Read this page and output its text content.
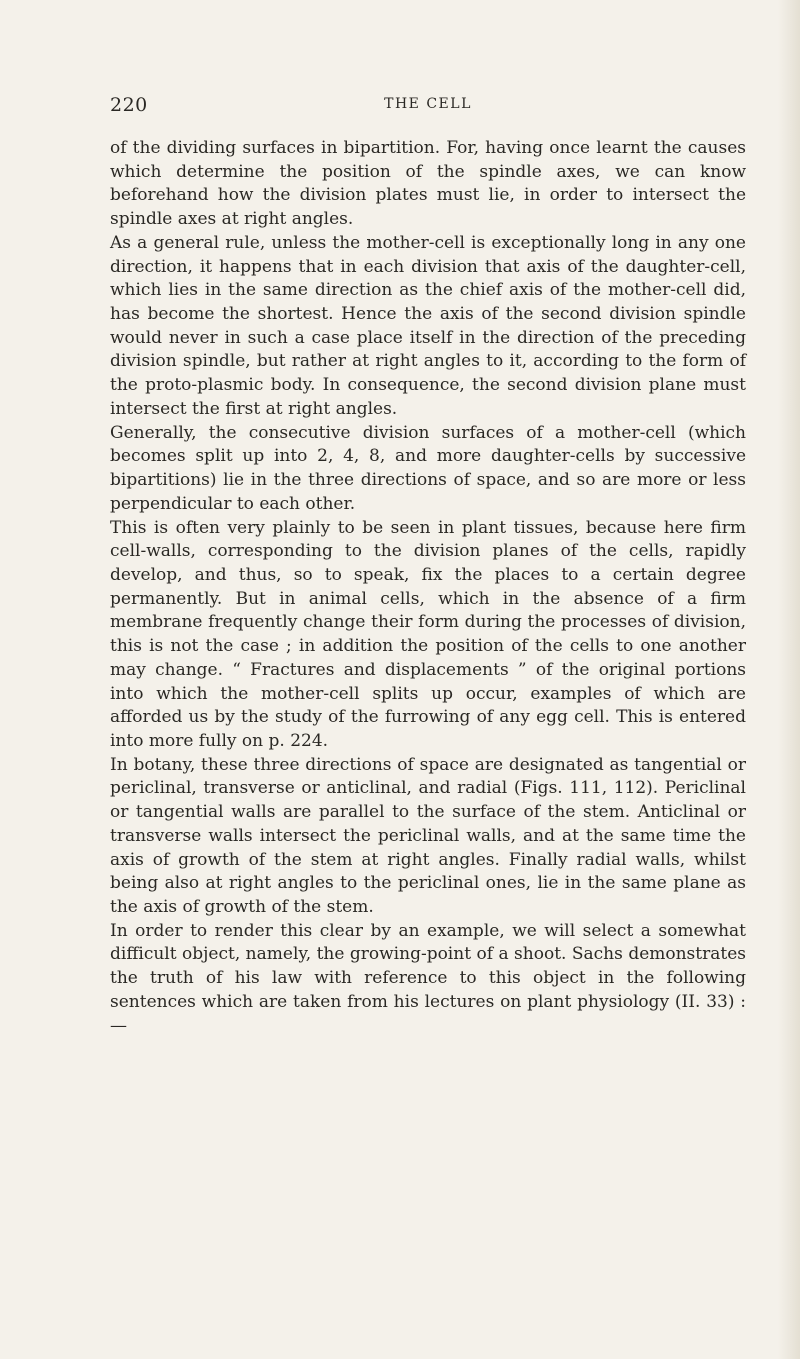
220	THE CELL

of the dividing surfaces in bipartition. For, having once learnt the causes which determine the position of the spindle axes, we can know beforehand how the division plates must lie, in order to intersect the spindle axes at right angles.

As a general rule, unless the mother-cell is exceptionally long in any one direction, it happens that in each division that axis of the daughter-cell, which lies in the same direction as the chief axis of the mother-cell did, has become the shortest. Hence the axis of the second division spindle would never in such a case place itself in the direction of the preceding division spindle, but rather at right angles to it, according to the form of the proto-plasmic body. In consequence, the second division plane must intersect the first at right angles.

Generally, the consecutive division surfaces of a mother-cell (which becomes split up into 2, 4, 8, and more daughter-cells by successive bipartitions) lie in the three directions of space, and so are more or less perpendicular to each other.

This is often very plainly to be seen in plant tissues, because here firm cell-walls, corresponding to the division planes of the cells, rapidly develop, and thus, so to speak, fix the places to a certain degree permanently. But in animal cells, which in the absence of a firm membrane frequently change their form during the processes of division, this is not the case ; in addition the position of the cells to one another may change. “ Fractures and displacements ” of the original portions into which the mother-cell splits up occur, examples of which are afforded us by the study of the furrowing of any egg cell. This is entered into more fully on p. 224.

In botany, these three directions of space are designated as tangential or periclinal, transverse or anticlinal, and radial (Figs. 111, 112). Periclinal or tangential walls are parallel to the surface of the stem. Anticlinal or transverse walls intersect the periclinal walls, and at the same time the axis of growth of the stem at right angles. Finally radial walls, whilst being also at right angles to the periclinal ones, lie in the same plane as the axis of growth of the stem.

In order to render this clear by an example, we will select a somewhat difficult object, namely, the growing-point of a shoot. Sachs demonstrates the truth of his law with reference to this object in the following sentences which are taken from his lectures on plant physiology (II. 33) :—
